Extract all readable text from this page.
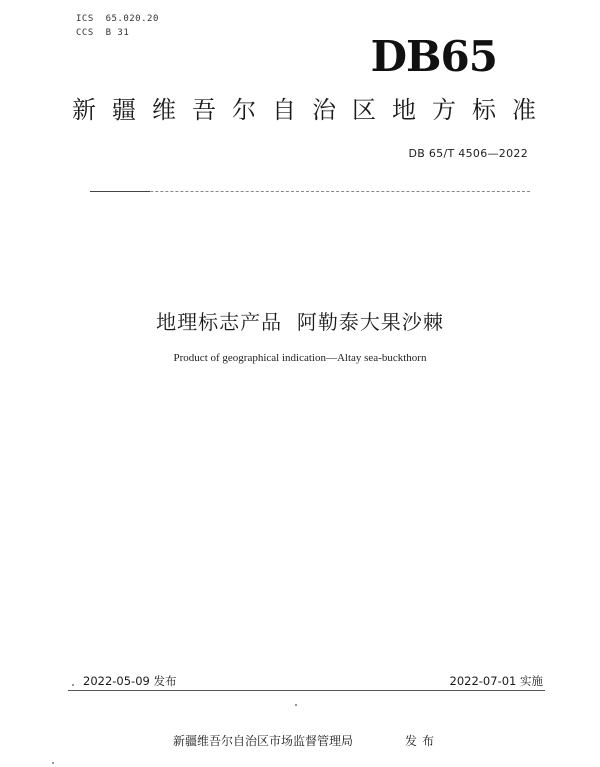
ICS  65.020.20
CCS  B 31	DB65
新 疆 维 吾 尔 自 治 区 地 方 标 准
DB 65/T 4506—2022
地理标志产品  阿勒泰大果沙棘
Product of geographical indication—Altay sea-buckthorn
2022-05-09 发布	2022-07-01 实施
新疆维吾尔自治区市场监督管理局	发布
